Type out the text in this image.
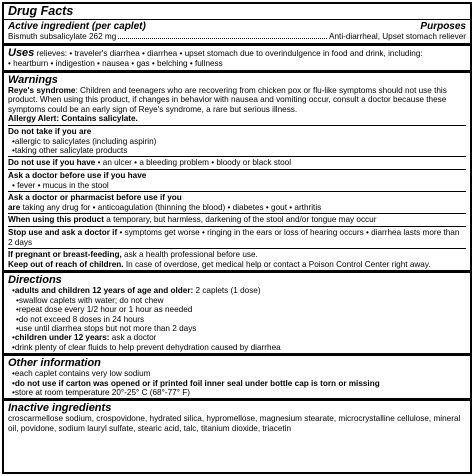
Drug Facts
Active ingredient (per caplet)	Purposes
Bismuth subsalicylate 262 mg	Anti-diarrheal, Upset stomach reliever
Uses relieves: • traveler's diarrhea • diarrhea • upset stomach due to overindulgence in food and drink, including:
• heartburn • indigestion • nausea • gas • belching • fullness
Warnings
Reye's syndrome: Children and teenagers who are recovering from chicken pox or flu-like symptoms should not use this product. When using this product, if changes in behavior with nausea and vomiting occur, consult a doctor because these symptoms could be an early sign of Reye's syndrome, a rare but serious illness.
Allergy Alert: Contains salicylate.
Do not take if you are
• allergic to salicylates (including aspirin)
• taking other salicylate products
Do not use if you have • an ulcer • a bleeding problem • bloody or black stool
Ask a doctor before use if you have
• fever • mucus in the stool
Ask a doctor or pharmacist before use if you
are taking any drug for • anticoagulation (thinning the blood) • diabetes • gout • arthritis
When using this product a temporary, but harmless, darkening of the stool and/or tongue may occur
Stop use and ask a doctor if • symptoms get worse • ringing in the ears or loss of hearing occurs • diarrhea lasts more than 2 days
If pregnant or breast-feeding, ask a health professional before use.
Keep out of reach of children. In case of overdose, get medical help or contact a Poison Control Center right away.
Directions
• adults and children 12 years of age and older: 2 caplets (1 dose)
• swallow caplets with water; do not chew
• repeat dose every 1/2 hour or 1 hour as needed
• do not exceed 8 doses in 24 hours
• use until diarrhea stops but not more than 2 days
• children under 12 years: ask a doctor
• drink plenty of clear fluids to help prevent dehydration caused by diarrhea
Other information
• each caplet contains very low sodium
• do not use if carton was opened or if printed foil inner seal under bottle cap is torn or missing
• store at room temperature 20°-25° C (68°-77° F)
Inactive ingredients
croscarmellose sodium, crospovidone, hydrated silica, hypromellose, magnesium stearate, microcrystalline cellulose, mineral oil, povidone, sodium lauryl sulfate, stearic acid, talc, titanium dioxide, triacetin
